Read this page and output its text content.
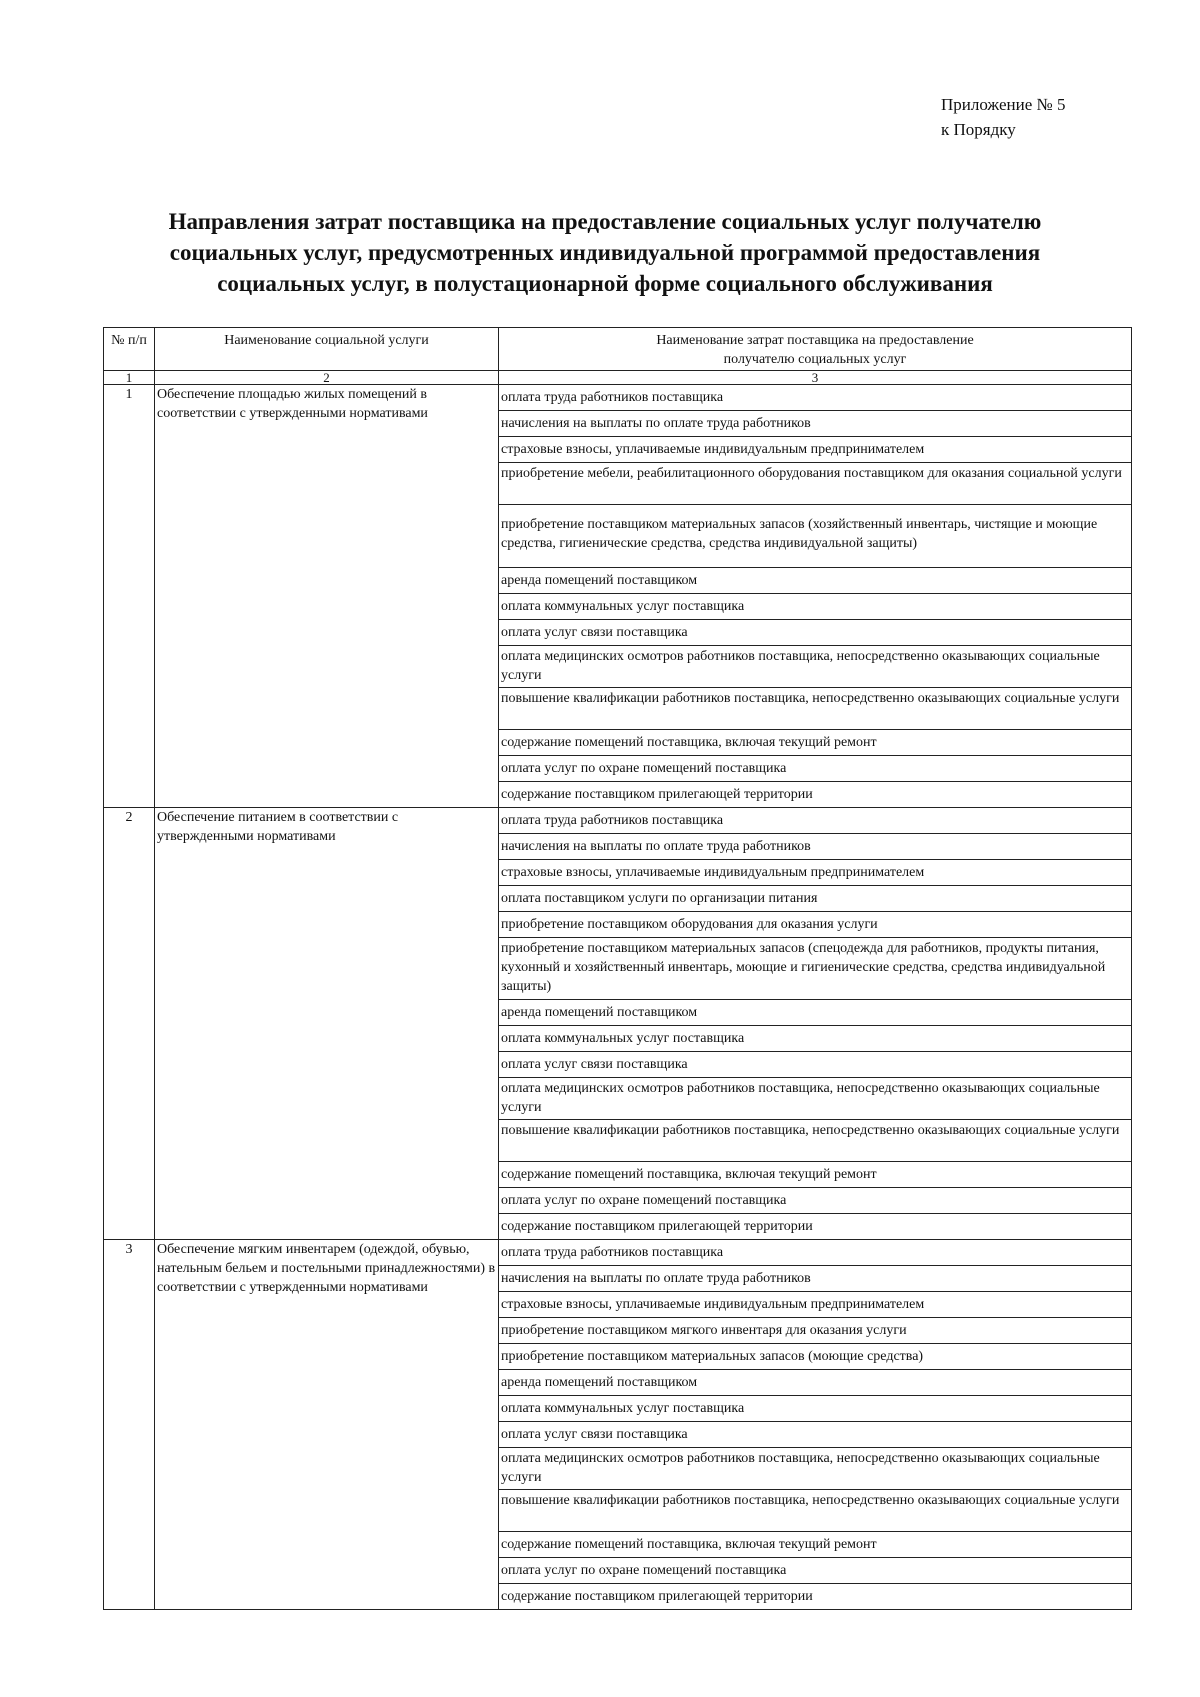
Приложение № 5
к Порядку
Направления затрат поставщика на предоставление социальных услуг получателю
социальных услуг, предусмотренных индивидуальной программой предоставления
социальных услуг, в полустационарной форме социального обслуживания
№ п/п	Наименование социальной услуги	Наименование затрат поставщика на предоставление
получателю социальных услуг

1	2	3
1	Обеспечение площадью жилых помещений в соответствии с утвержденными нормативами	оплата труда работников поставщика
		начисления на выплаты по оплате труда работников
		страховые взносы, уплачиваемые индивидуальным предпринимателем
		приобретение мебели, реабилитационного оборудования поставщиком для оказания социальной услуги
		приобретение поставщиком материальных запасов (хозяйственный инвентарь, чистящие и моющие средства, гигиенические средства, средства индивидуальной защиты)
		аренда помещений поставщиком
		оплата коммунальных услуг поставщика
		оплата услуг связи поставщика
		оплата медицинских осмотров работников поставщика, непосредственно оказывающих социальные услуги
		повышение квалификации работников поставщика, непосредственно оказывающих социальные услуги
		содержание помещений поставщика, включая текущий ремонт
		оплата услуг по охране помещений поставщика
		содержание поставщиком прилегающей территории
2	Обеспечение питанием в соответствии с утвержденными нормативами	оплата труда работников поставщика
		начисления на выплаты по оплате труда работников
		страховые взносы, уплачиваемые индивидуальным предпринимателем
		оплата поставщиком услуги по организации питания
		приобретение поставщиком оборудования для оказания услуги
		приобретение поставщиком материальных запасов (спецодежда для работников, продукты питания, кухонный и хозяйственный инвентарь, моющие и гигиенические средства, средства индивидуальной защиты)
		аренда помещений поставщиком
		оплата коммунальных услуг поставщика
		оплата услуг связи поставщика
		оплата медицинских осмотров работников поставщика, непосредственно оказывающих социальные услуги
		повышение квалификации работников поставщика, непосредственно оказывающих социальные услуги
		содержание помещений поставщика, включая текущий ремонт
		оплата услуг по охране помещений поставщика
		содержание поставщиком прилегающей территории
3	Обеспечение мягким инвентарем (одеждой, обувью, нательным бельем и постельными принадлежностями) в соответствии с утвержденными нормативами	оплата труда работников поставщика
		начисления на выплаты по оплате труда работников
		страховые взносы, уплачиваемые индивидуальным предпринимателем
		приобретение поставщиком мягкого инвентаря для оказания услуги
		приобретение поставщиком материальных запасов (моющие средства)
		аренда помещений поставщиком
		оплата коммунальных услуг поставщика
		оплата услуг связи поставщика
		оплата медицинских осмотров работников поставщика, непосредственно оказывающих социальные услуги
		повышение квалификации работников поставщика, непосредственно оказывающих социальные услуги
		содержание помещений поставщика, включая текущий ремонт
		оплата услуг по охране помещений поставщика
		содержание поставщиком прилегающей территории
